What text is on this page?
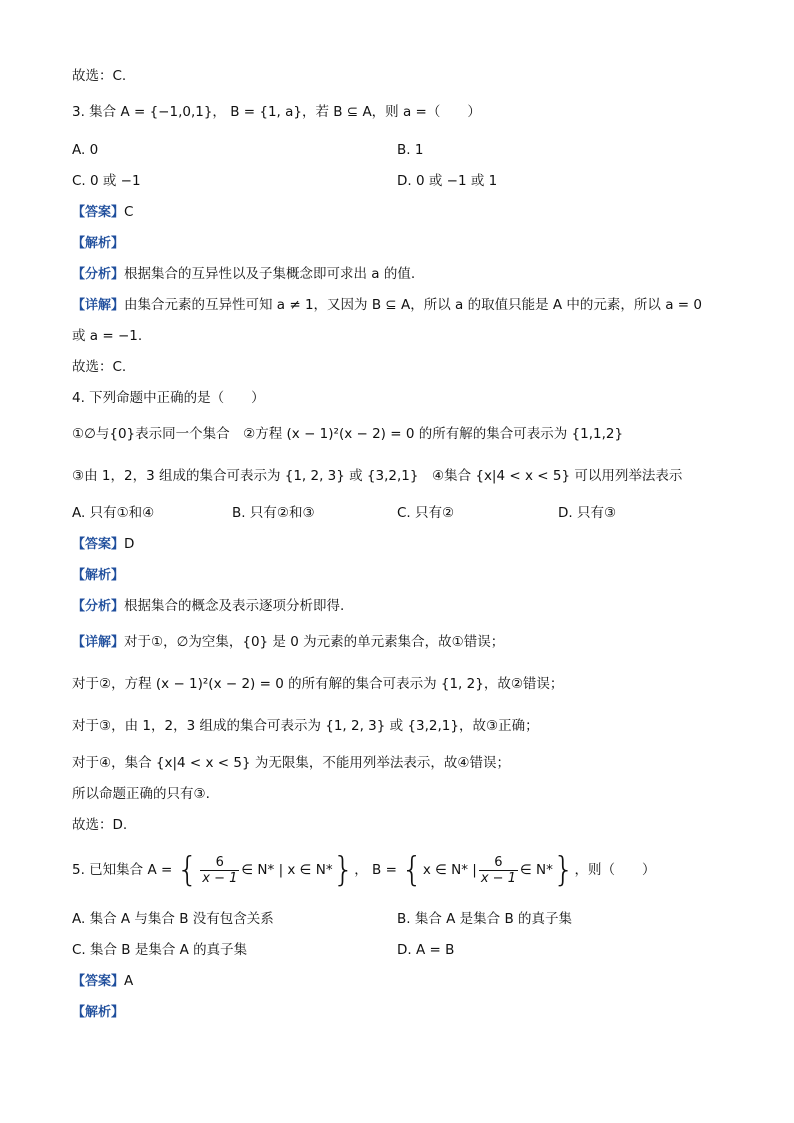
故选：C.
3. 集合 A = {−1,0,1}， B = {1, a}，若 B ⊆ A，则 a =（　　）
A. 0	B. 1
C. 0 或 −1	D. 0 或 −1 或 1
【答案】C
【解析】
【分析】根据集合的互异性以及子集概念即可求出 a 的值.
【详解】由集合元素的互异性可知 a ≠ 1，又因为 B ⊆ A，所以 a 的取值只能是 A 中的元素，所以 a = 0
或 a = −1.
故选：C.
4. 下列命题中正确的是（　　）
①∅与{0}表示同一个集合　②方程 (x − 1)²(x − 2) = 0 的所有解的集合可表示为 {1,1,2}
③由 1，2，3 组成的集合可表示为 {1, 2, 3} 或 {3,2,1}　④集合 {x|4 < x < 5} 可以用列举法表示
A. 只有①和④	B. 只有②和③	C. 只有②	D. 只有③
【答案】D
【解析】
【分析】根据集合的概念及表示逐项分析即得.
【详解】对于①，∅为空集，{0} 是 0 为元素的单元素集合，故①错误；
对于②，方程 (x − 1)²(x − 2) = 0 的所有解的集合可表示为 {1, 2}，故②错误；
对于③，由 1，2，3 组成的集合可表示为 {1, 2, 3} 或 {3,2,1}，故③正确；
对于④，集合 {x|4 < x < 5} 为无限集，不能用列举法表示，故④错误；
所以命题正确的只有③.
故选：D.
5. 已知集合 A = { $\frac{6}{x - 1}$ ∈ N* | x ∈ N*}， B = {x ∈ N* | $\frac{6}{x - 1}$ ∈ N*}，则（　　）
A. 集合 A 与集合 B 没有包含关系	B. 集合 A 是集合 B 的真子集
C. 集合 B 是集合 A 的真子集	D. A = B
【答案】A
【解析】
